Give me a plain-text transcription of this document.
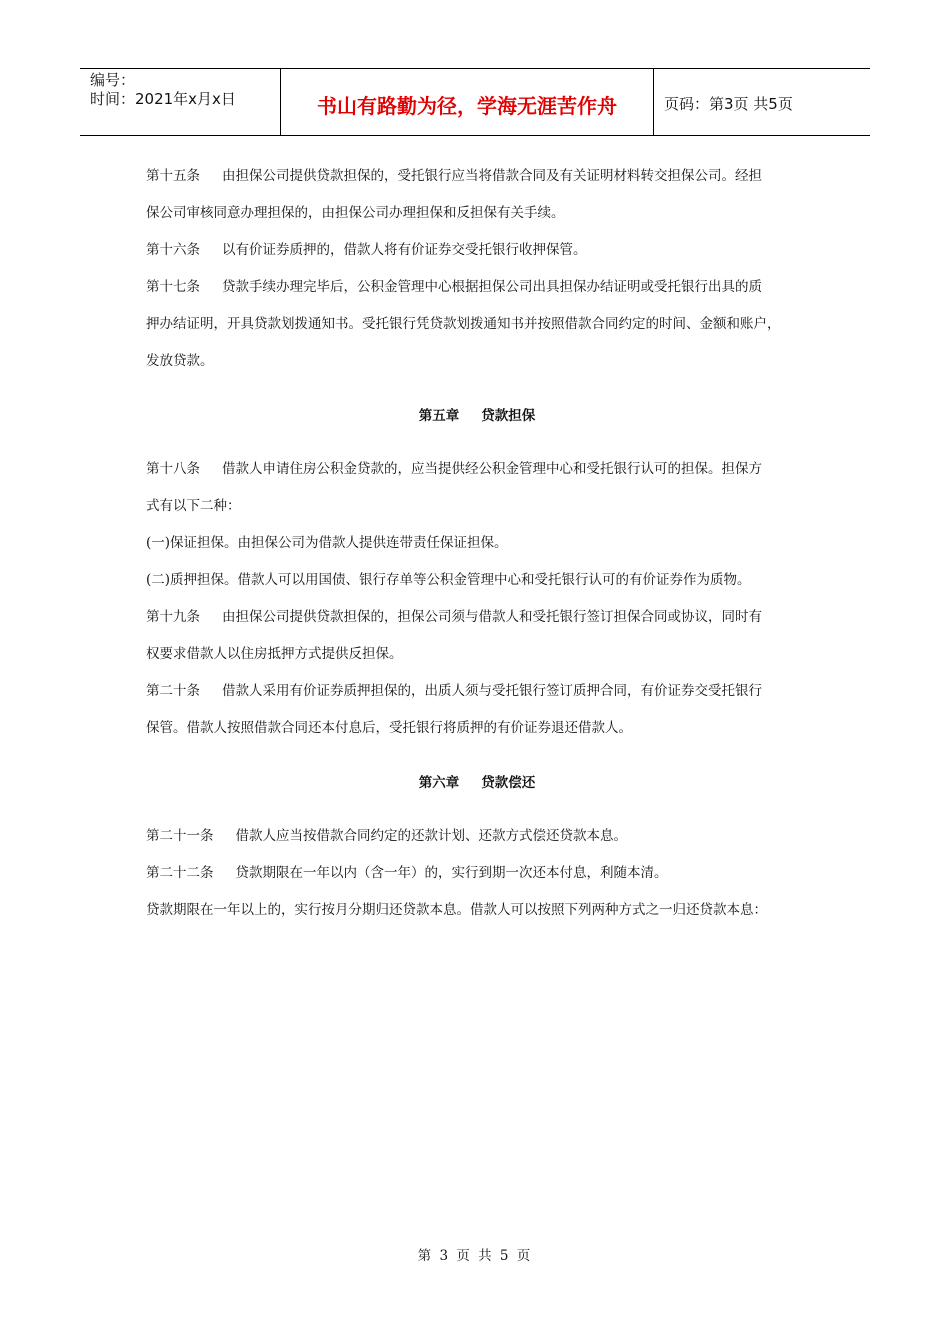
编号：
时间：2021年x月x日	书山有路勤为径，学海无涯苦作舟	页码：第3页 共5页

第十五条 由担保公司提供贷款担保的，受托银行应当将借款合同及有关证明材料转交担保公司。经担

保公司审核同意办理担保的，由担保公司办理担保和反担保有关手续。

第十六条 以有价证券质押的，借款人将有价证券交受托银行收押保管。

第十七条 贷款手续办理完毕后，公积金管理中心根据担保公司出具担保办结证明或受托银行出具的质

押办结证明，开具贷款划拨通知书。受托银行凭贷款划拨通知书并按照借款合同约定的时间、金额和账户，

发放贷款。

第五章 贷款担保

第十八条 借款人申请住房公积金贷款的，应当提供经公积金管理中心和受托银行认可的担保。担保方

式有以下二种：

(一)保证担保。由担保公司为借款人提供连带责任保证担保。

(二)质押担保。借款人可以用国债、银行存单等公积金管理中心和受托银行认可的有价证券作为质物。

第十九条 由担保公司提供贷款担保的，担保公司须与借款人和受托银行签订担保合同或协议，同时有

权要求借款人以住房抵押方式提供反担保。

第二十条 借款人采用有价证券质押担保的，出质人须与受托银行签订质押合同，有价证券交受托银行

保管。借款人按照借款合同还本付息后，受托银行将质押的有价证券退还借款人。

第六章 贷款偿还

第二十一条 借款人应当按借款合同约定的还款计划、还款方式偿还贷款本息。

第二十二条 贷款期限在一年以内（含一年）的，实行到期一次还本付息，利随本清。

贷款期限在一年以上的，实行按月分期归还贷款本息。借款人可以按照下列两种方式之一归还贷款本息：

第 3 页 共 5 页
